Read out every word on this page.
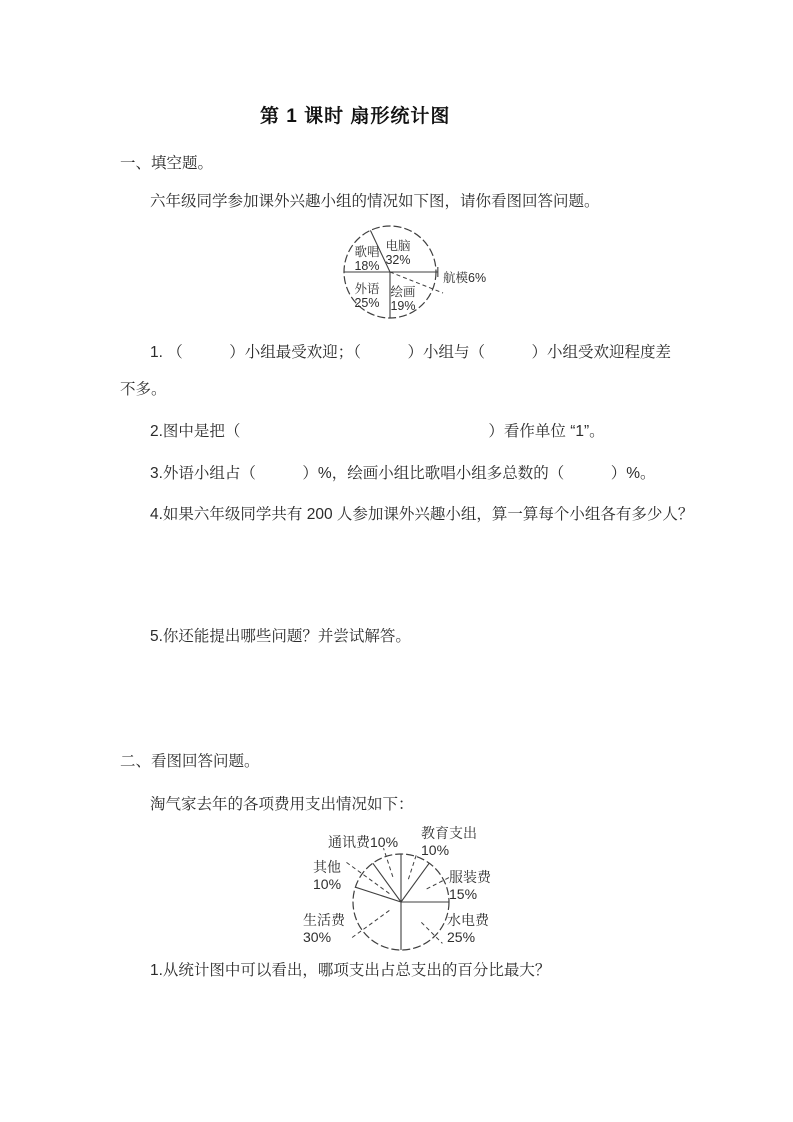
第 1 课时 扇形统计图
一、填空题。
六年级同学参加课外兴趣小组的情况如下图，请你看图回答问题。
歌唱
18%
电脑
32%
外语
25%
绘画
19%
航模6%
1. （　　　）小组最受欢迎；（　　　）小组与（　　　）小组受欢迎程度差
不多。
2.图中是把（　　　　　　　　　　　　　　　　）看作单位 “1”。
3.外语小组占（　　　）%，绘画小组比歌唱小组多总数的（　　　）%。
4.如果六年级同学共有 200 人参加课外兴趣小组，算一算每个小组各有多少人？
5.你还能提出哪些问题？并尝试解答。
二、看图回答问题。
淘气家去年的各项费用支出情况如下：
通讯费10%
教育支出
10%
其他
10%	服装费
15%
生活费
30%
水电费
25%
1.从统计图中可以看出，哪项支出占总支出的百分比最大？
